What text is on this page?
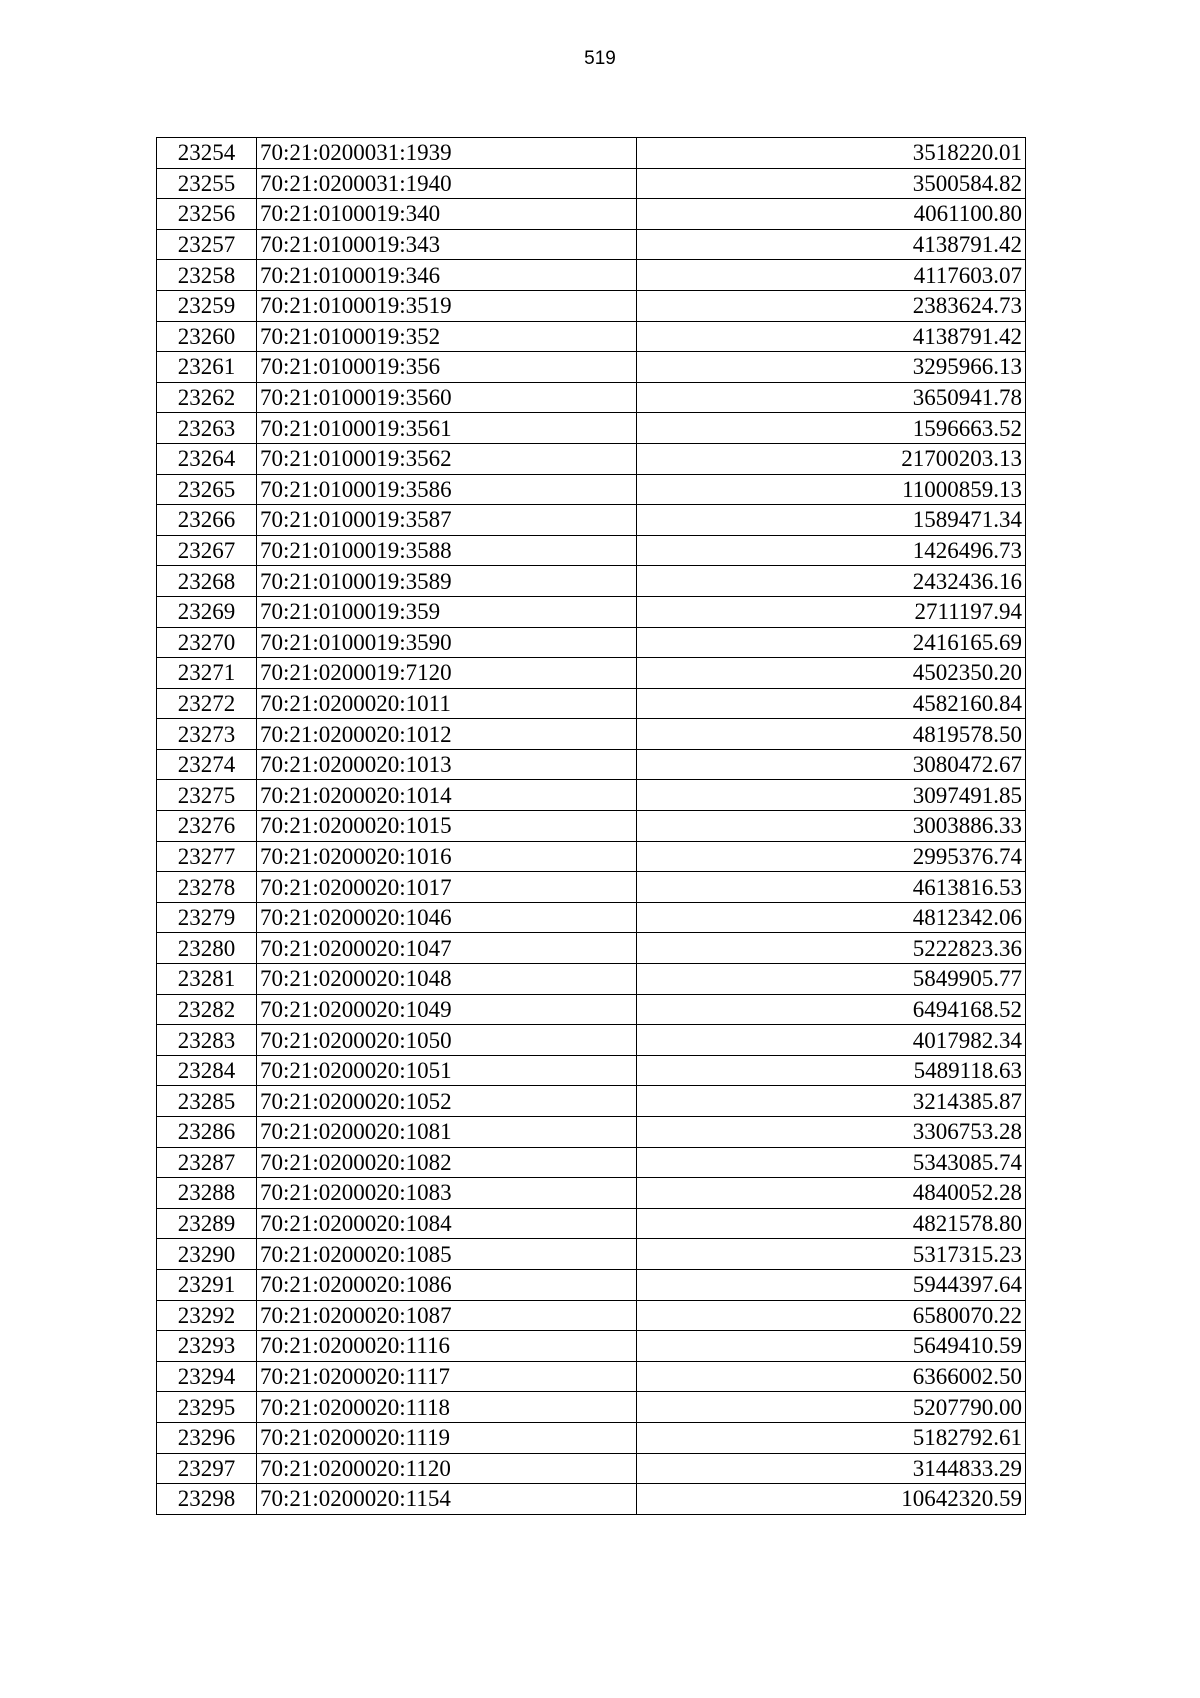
519
23254	70:21:0200031:1939	3518220.01
23255	70:21:0200031:1940	3500584.82
23256	70:21:0100019:340	4061100.80
23257	70:21:0100019:343	4138791.42
23258	70:21:0100019:346	4117603.07
23259	70:21:0100019:3519	2383624.73
23260	70:21:0100019:352	4138791.42
23261	70:21:0100019:356	3295966.13
23262	70:21:0100019:3560	3650941.78
23263	70:21:0100019:3561	1596663.52
23264	70:21:0100019:3562	21700203.13
23265	70:21:0100019:3586	11000859.13
23266	70:21:0100019:3587	1589471.34
23267	70:21:0100019:3588	1426496.73
23268	70:21:0100019:3589	2432436.16
23269	70:21:0100019:359	2711197.94
23270	70:21:0100019:3590	2416165.69
23271	70:21:0200019:7120	4502350.20
23272	70:21:0200020:1011	4582160.84
23273	70:21:0200020:1012	4819578.50
23274	70:21:0200020:1013	3080472.67
23275	70:21:0200020:1014	3097491.85
23276	70:21:0200020:1015	3003886.33
23277	70:21:0200020:1016	2995376.74
23278	70:21:0200020:1017	4613816.53
23279	70:21:0200020:1046	4812342.06
23280	70:21:0200020:1047	5222823.36
23281	70:21:0200020:1048	5849905.77
23282	70:21:0200020:1049	6494168.52
23283	70:21:0200020:1050	4017982.34
23284	70:21:0200020:1051	5489118.63
23285	70:21:0200020:1052	3214385.87
23286	70:21:0200020:1081	3306753.28
23287	70:21:0200020:1082	5343085.74
23288	70:21:0200020:1083	4840052.28
23289	70:21:0200020:1084	4821578.80
23290	70:21:0200020:1085	5317315.23
23291	70:21:0200020:1086	5944397.64
23292	70:21:0200020:1087	6580070.22
23293	70:21:0200020:1116	5649410.59
23294	70:21:0200020:1117	6366002.50
23295	70:21:0200020:1118	5207790.00
23296	70:21:0200020:1119	5182792.61
23297	70:21:0200020:1120	3144833.29
23298	70:21:0200020:1154	10642320.59
